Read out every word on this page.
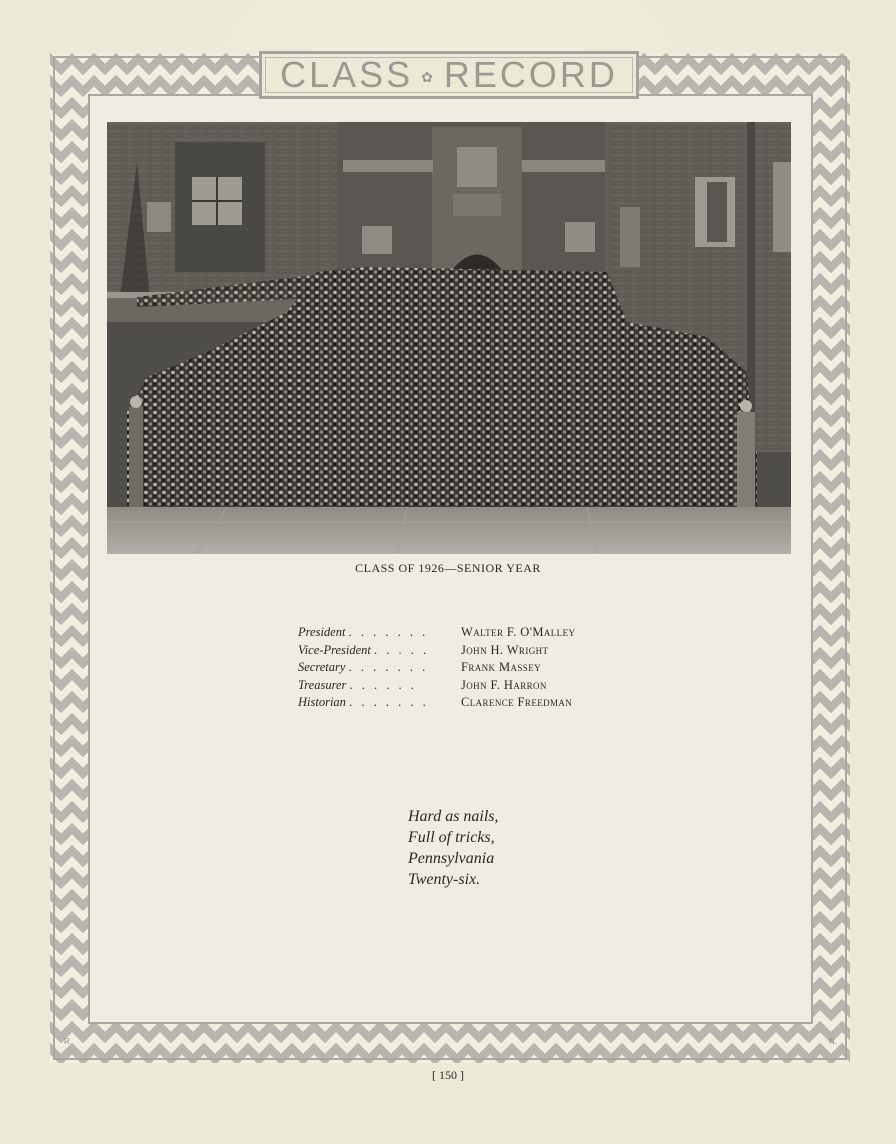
CLASS ✿ RECORD
CLASS OF 1926—SENIOR YEAR
President . . . . . . .	Walter F. O'Malley
Vice-President . . . . .	John H. Wright
Secretary . . . . . . .	Frank Massey
Treasurer . . . . . .	John F. Harron
Historian . . . . . . .	Clarence Freedman
Hard as nails,
Full of tricks,
Pennsylvania
Twenty-six.
R	N.
[ 150 ]
